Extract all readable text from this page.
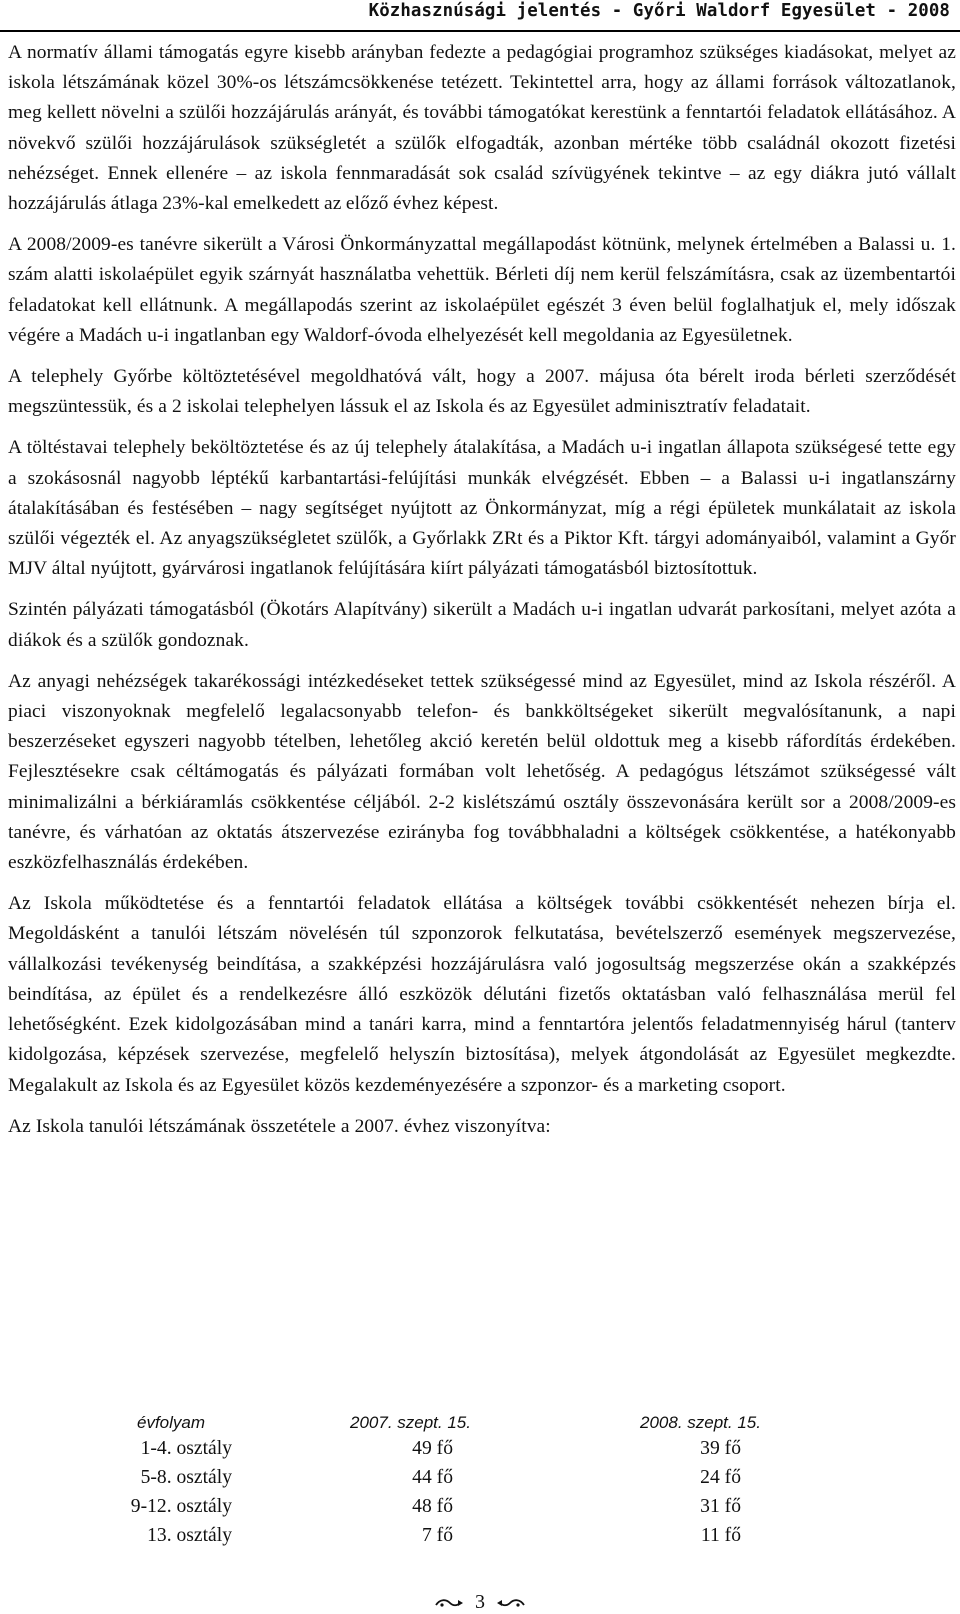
Közhasznúsági jelentés - Győri Waldorf Egyesület - 2008

A normatív állami támogatás egyre kisebb arányban fedezte a pedagógiai programhoz szükséges kiadásokat, melyet az iskola létszámának közel 30%-os létszámcsökkenése tetézett. Tekintettel arra, hogy az állami források változatlanok, meg kellett növelni a szülői hozzájárulás arányát, és további támogatókat kerestünk a fenntartói feladatok ellátásához. A növekvő szülői hozzájárulások szükségletét a szülők elfogadták, azonban mértéke több családnál okozott fizetési nehézséget. Ennek ellenére – az iskola fennmaradását sok család szívügyének tekintve – az egy diákra jutó vállalt hozzájárulás átlaga 23%-kal emelkedett az előző évhez képest.

A 2008/2009-es tanévre sikerült a Városi Önkormányzattal megállapodást kötnünk, melynek értelmében a Balassi u. 1. szám alatti iskolaépület egyik szárnyát használatba vehettük. Bérleti díj nem kerül felszámításra, csak az üzembentartói feladatokat kell ellátnunk. A megállapodás szerint az iskolaépület egészét 3 éven belül foglalhatjuk el, mely időszak végére a Madách u-i ingatlanban egy Waldorf-óvoda elhelyezését kell megoldania az Egyesületnek.

A telephely Győrbe költöztetésével megoldhatóvá vált, hogy a 2007. májusa óta bérelt iroda bérleti szerződését megszüntessük, és a 2 iskolai telephelyen lássuk el az Iskola és az Egyesület adminisztratív feladatait.

A töltéstavai telephely beköltöztetése és az új telephely átalakítása, a Madách u-i ingatlan állapota szükségesé tette egy a szokásosnál nagyobb léptékű karbantartási-felújítási munkák elvégzését. Ebben – a Balassi u-i ingatlanszárny átalakításában és festésében – nagy segítséget nyújtott az Önkormányzat, míg a régi épületek munkálatait az iskola szülői végezték el. Az anyagszükségletet szülők, a Győrlakk ZRt és a Piktor Kft. tárgyi adományaiból, valamint a Győr MJV által nyújtott, gyárvárosi ingatlanok felújítására kiírt pályázati támogatásból biztosítottuk.

Szintén pályázati támogatásból (Ökotárs Alapítvány) sikerült a Madách u-i ingatlan udvarát parkosítani, melyet azóta a diákok és a szülők gondoznak.

Az anyagi nehézségek takarékossági intézkedéseket tettek szükségessé mind az Egyesület, mind az Iskola részéről. A piaci viszonyoknak megfelelő legalacsonyabb telefon- és bankköltségeket sikerült megvalósítanunk, a napi beszerzéseket egyszeri nagyobb tételben, lehetőleg akció keretén belül oldottuk meg a kisebb ráfordítás érdekében. Fejlesztésekre csak céltámogatás és pályázati formában volt lehetőség. A pedagógus létszámot szükségessé vált minimalizálni a bérkiáramlás csökkentése céljából. 2-2 kislétszámú osztály összevonására került sor a 2008/2009-es tanévre, és várhatóan az oktatás átszervezése ezirányba fog továbbhaladni a költségek csökkentése, a hatékonyabb eszközfelhasználás érdekében.

Az Iskola működtetése és a fenntartói feladatok ellátása a költségek további csökkentését nehezen bírja el. Megoldásként a tanulói létszám növelésén túl szponzorok felkutatása, bevételszerző események megszervezése, vállalkozási tevékenység beindítása, a szakképzési hozzájárulásra való jogosultság megszerzése okán a szakképzés beindítása, az épület és a rendelkezésre álló eszközök délutáni fizetős oktatásban való felhasználása merül fel lehetőségként. Ezek kidolgozásában mind a tanári karra, mind a fenntartóra jelentős feladatmennyiség hárul (tanterv kidolgozása, képzések szervezése, megfelelő helyszín biztosítása), melyek átgondolását az Egyesület megkezdte. Megalakult az Iskola és az Egyesület közös kezdeményezésére a szponzor- és a marketing csoport.

Az Iskola tanulói létszámának összetétele a 2007. évhez viszonyítva:

évfolyam	2007. szept. 15.	2008. szept. 15.
1-4. osztály	49 fő	39 fő
5-8. osztály	44 fő	24 fő
9-12. osztály	48 fő	31 fő
13. osztály	7 fő	11 fő
3
